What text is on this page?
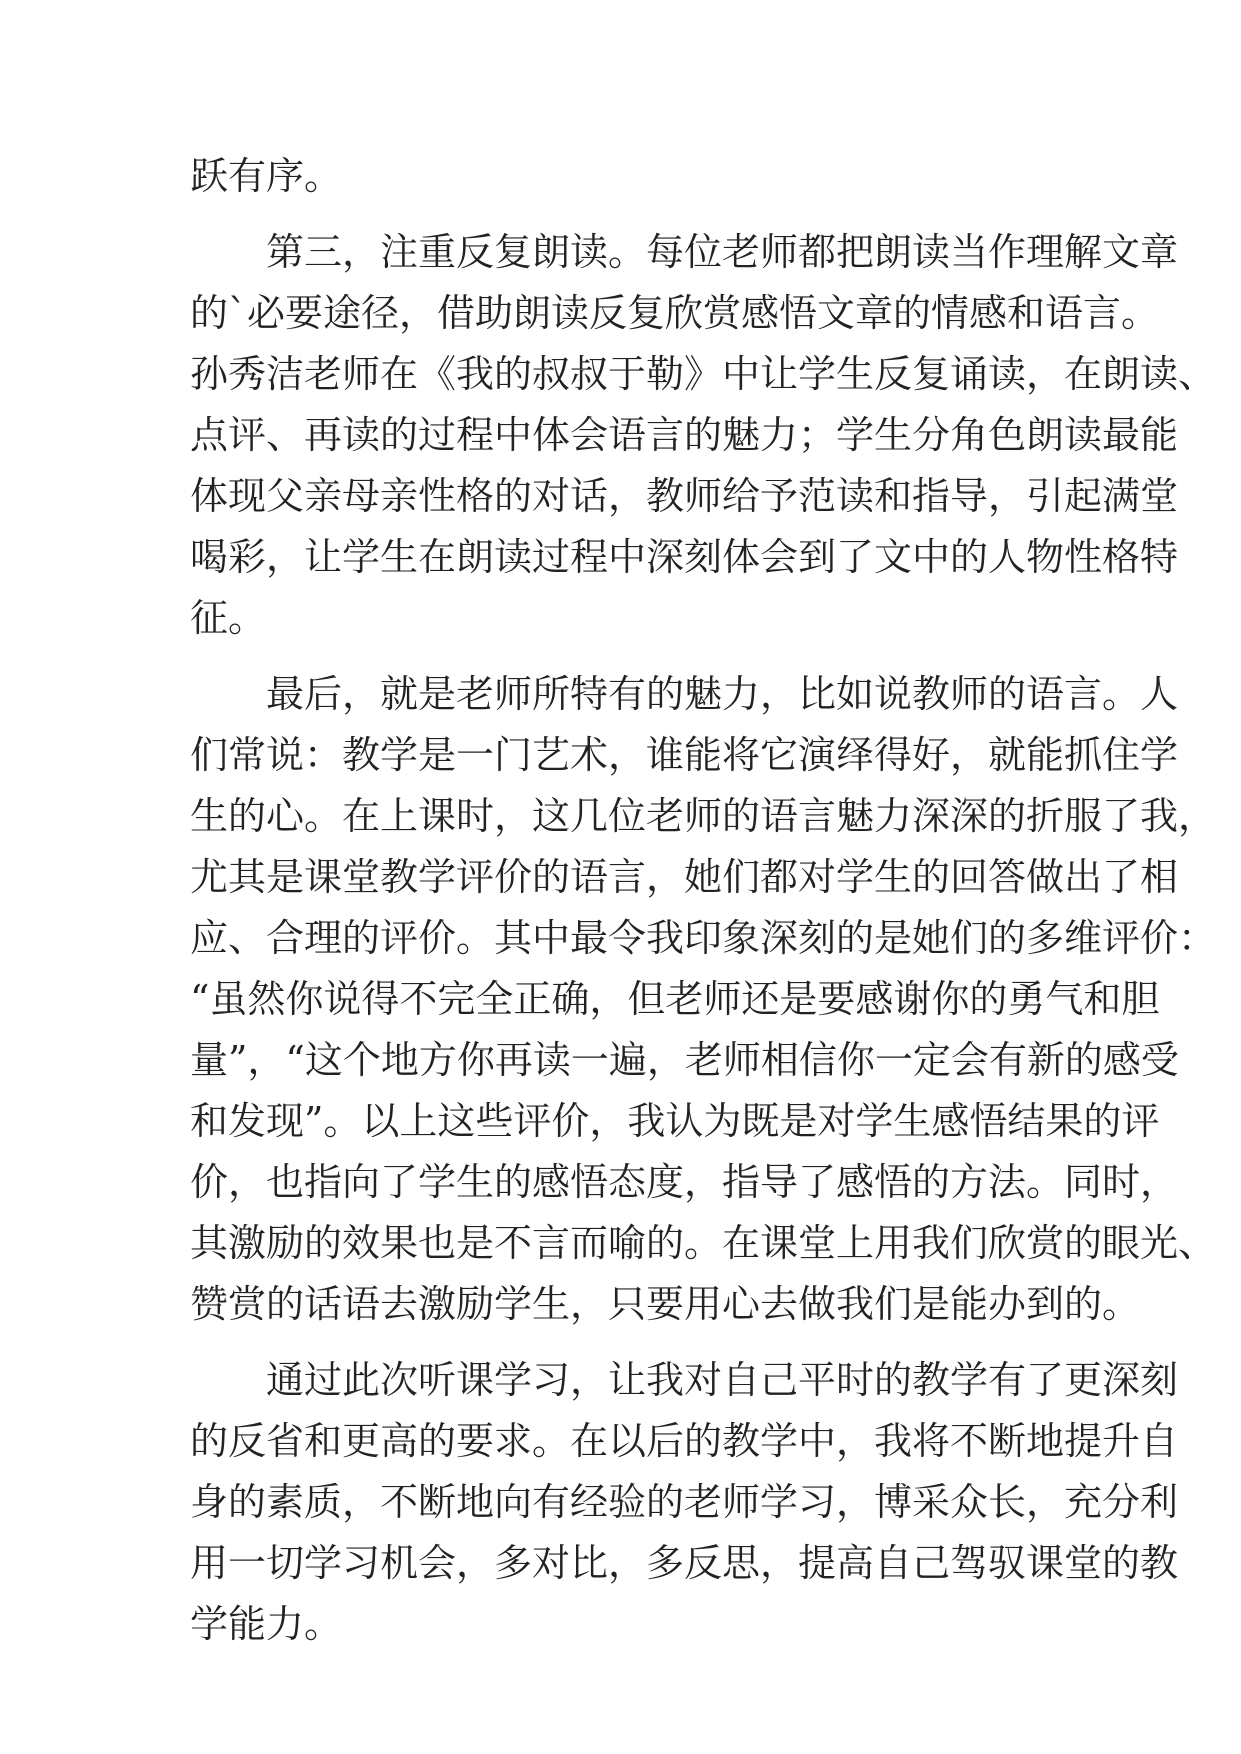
跃有序。
第三，注重反复朗读。每位老师都把朗读当作理解文章
的`必要途径，借助朗读反复欣赏感悟文章的情感和语言。
孙秀洁老师在《我的叔叔于勒》中让学生反复诵读，在朗读、
点评、再读的过程中体会语言的魅力；学生分角色朗读最能
体现父亲母亲性格的对话，教师给予范读和指导，引起满堂
喝彩，让学生在朗读过程中深刻体会到了文中的人物性格特
征。
最后，就是老师所特有的魅力，比如说教师的语言。人
们常说：教学是一门艺术，谁能将它演绎得好，就能抓住学
生的心。在上课时，这几位老师的语言魅力深深的折服了我，
尤其是课堂教学评价的语言，她们都对学生的回答做出了相
应、合理的评价。其中最令我印象深刻的是她们的多维评价：
“虽然你说得不完全正确，但老师还是要感谢你的勇气和胆
量”，“这个地方你再读一遍，老师相信你一定会有新的感受
和发现”。以上这些评价，我认为既是对学生感悟结果的评
价，也指向了学生的感悟态度，指导了感悟的方法。同时，
其激励的效果也是不言而喻的。在课堂上用我们欣赏的眼光、
赞赏的话语去激励学生，只要用心去做我们是能办到的。
通过此次听课学习，让我对自己平时的教学有了更深刻
的反省和更高的要求。在以后的教学中，我将不断地提升自
身的素质，不断地向有经验的老师学习，博采众长，充分利
用一切学习机会，多对比，多反思，提高自己驾驭课堂的教
学能力。
